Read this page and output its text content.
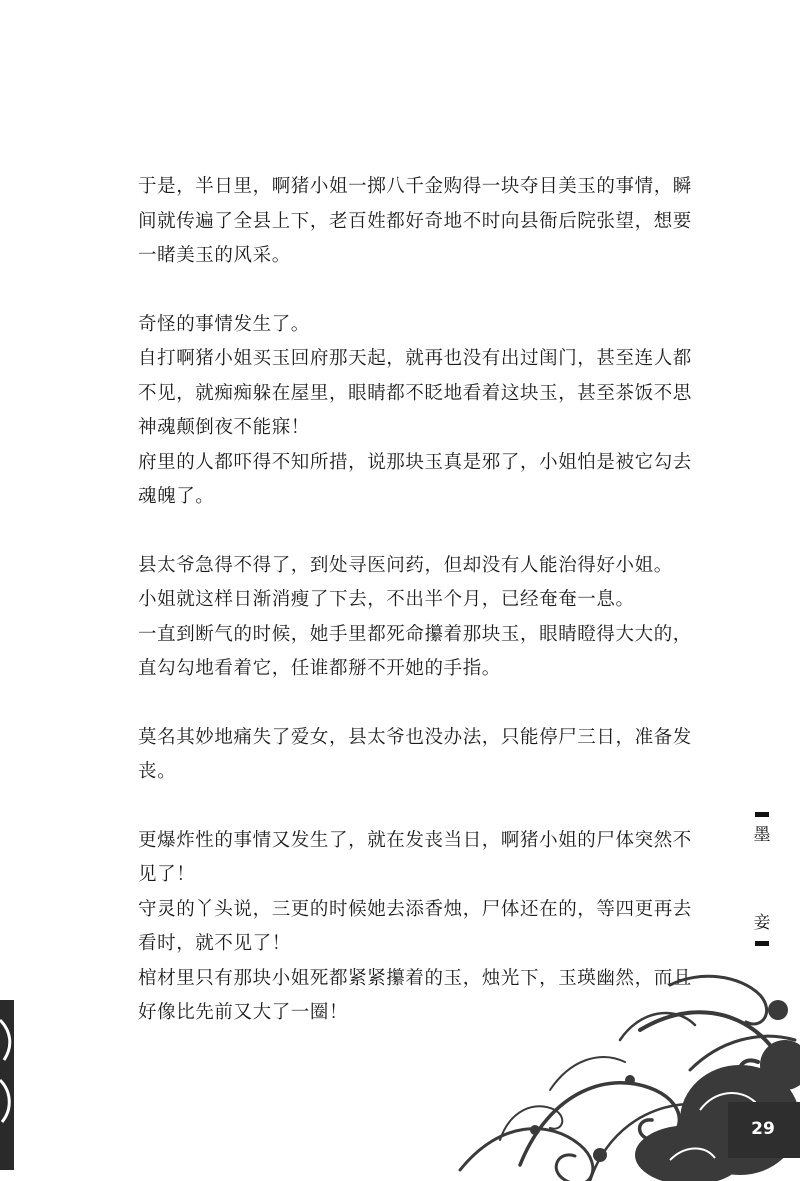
于是，半日里，啊猪小姐一掷八千金购得一块夺目美玉的事情，瞬间就传遍了全县上下，老百姓都好奇地不时向县衙后院张望，想要一睹美玉的风采。

奇怪的事情发生了。

自打啊猪小姐买玉回府那天起，就再也没有出过闺门，甚至连人都不见，就痴痴躲在屋里，眼睛都不眨地看着这块玉，甚至茶饭不思神魂颠倒夜不能寐！

府里的人都吓得不知所措，说那块玉真是邪了，小姐怕是被它勾去魂魄了。

县太爷急得不得了，到处寻医问药，但却没有人能治得好小姐。

小姐就这样日渐消瘦了下去，不出半个月，已经奄奄一息。

一直到断气的时候，她手里都死命攥着那块玉，眼睛瞪得大大的，直勾勾地看着它，任谁都掰不开她的手指。

莫名其妙地痛失了爱女，县太爷也没办法，只能停尸三日，准备发丧。

更爆炸性的事情又发生了，就在发丧当日，啊猪小姐的尸体突然不见了！

守灵的丫头说，三更的时候她去添香烛，尸体还在的，等四更再去看时，就不见了！

棺材里只有那块小姐死都紧紧攥着的玉，烛光下，玉瑛幽然，而且好像比先前又大了一圈！

墨
妾
29
